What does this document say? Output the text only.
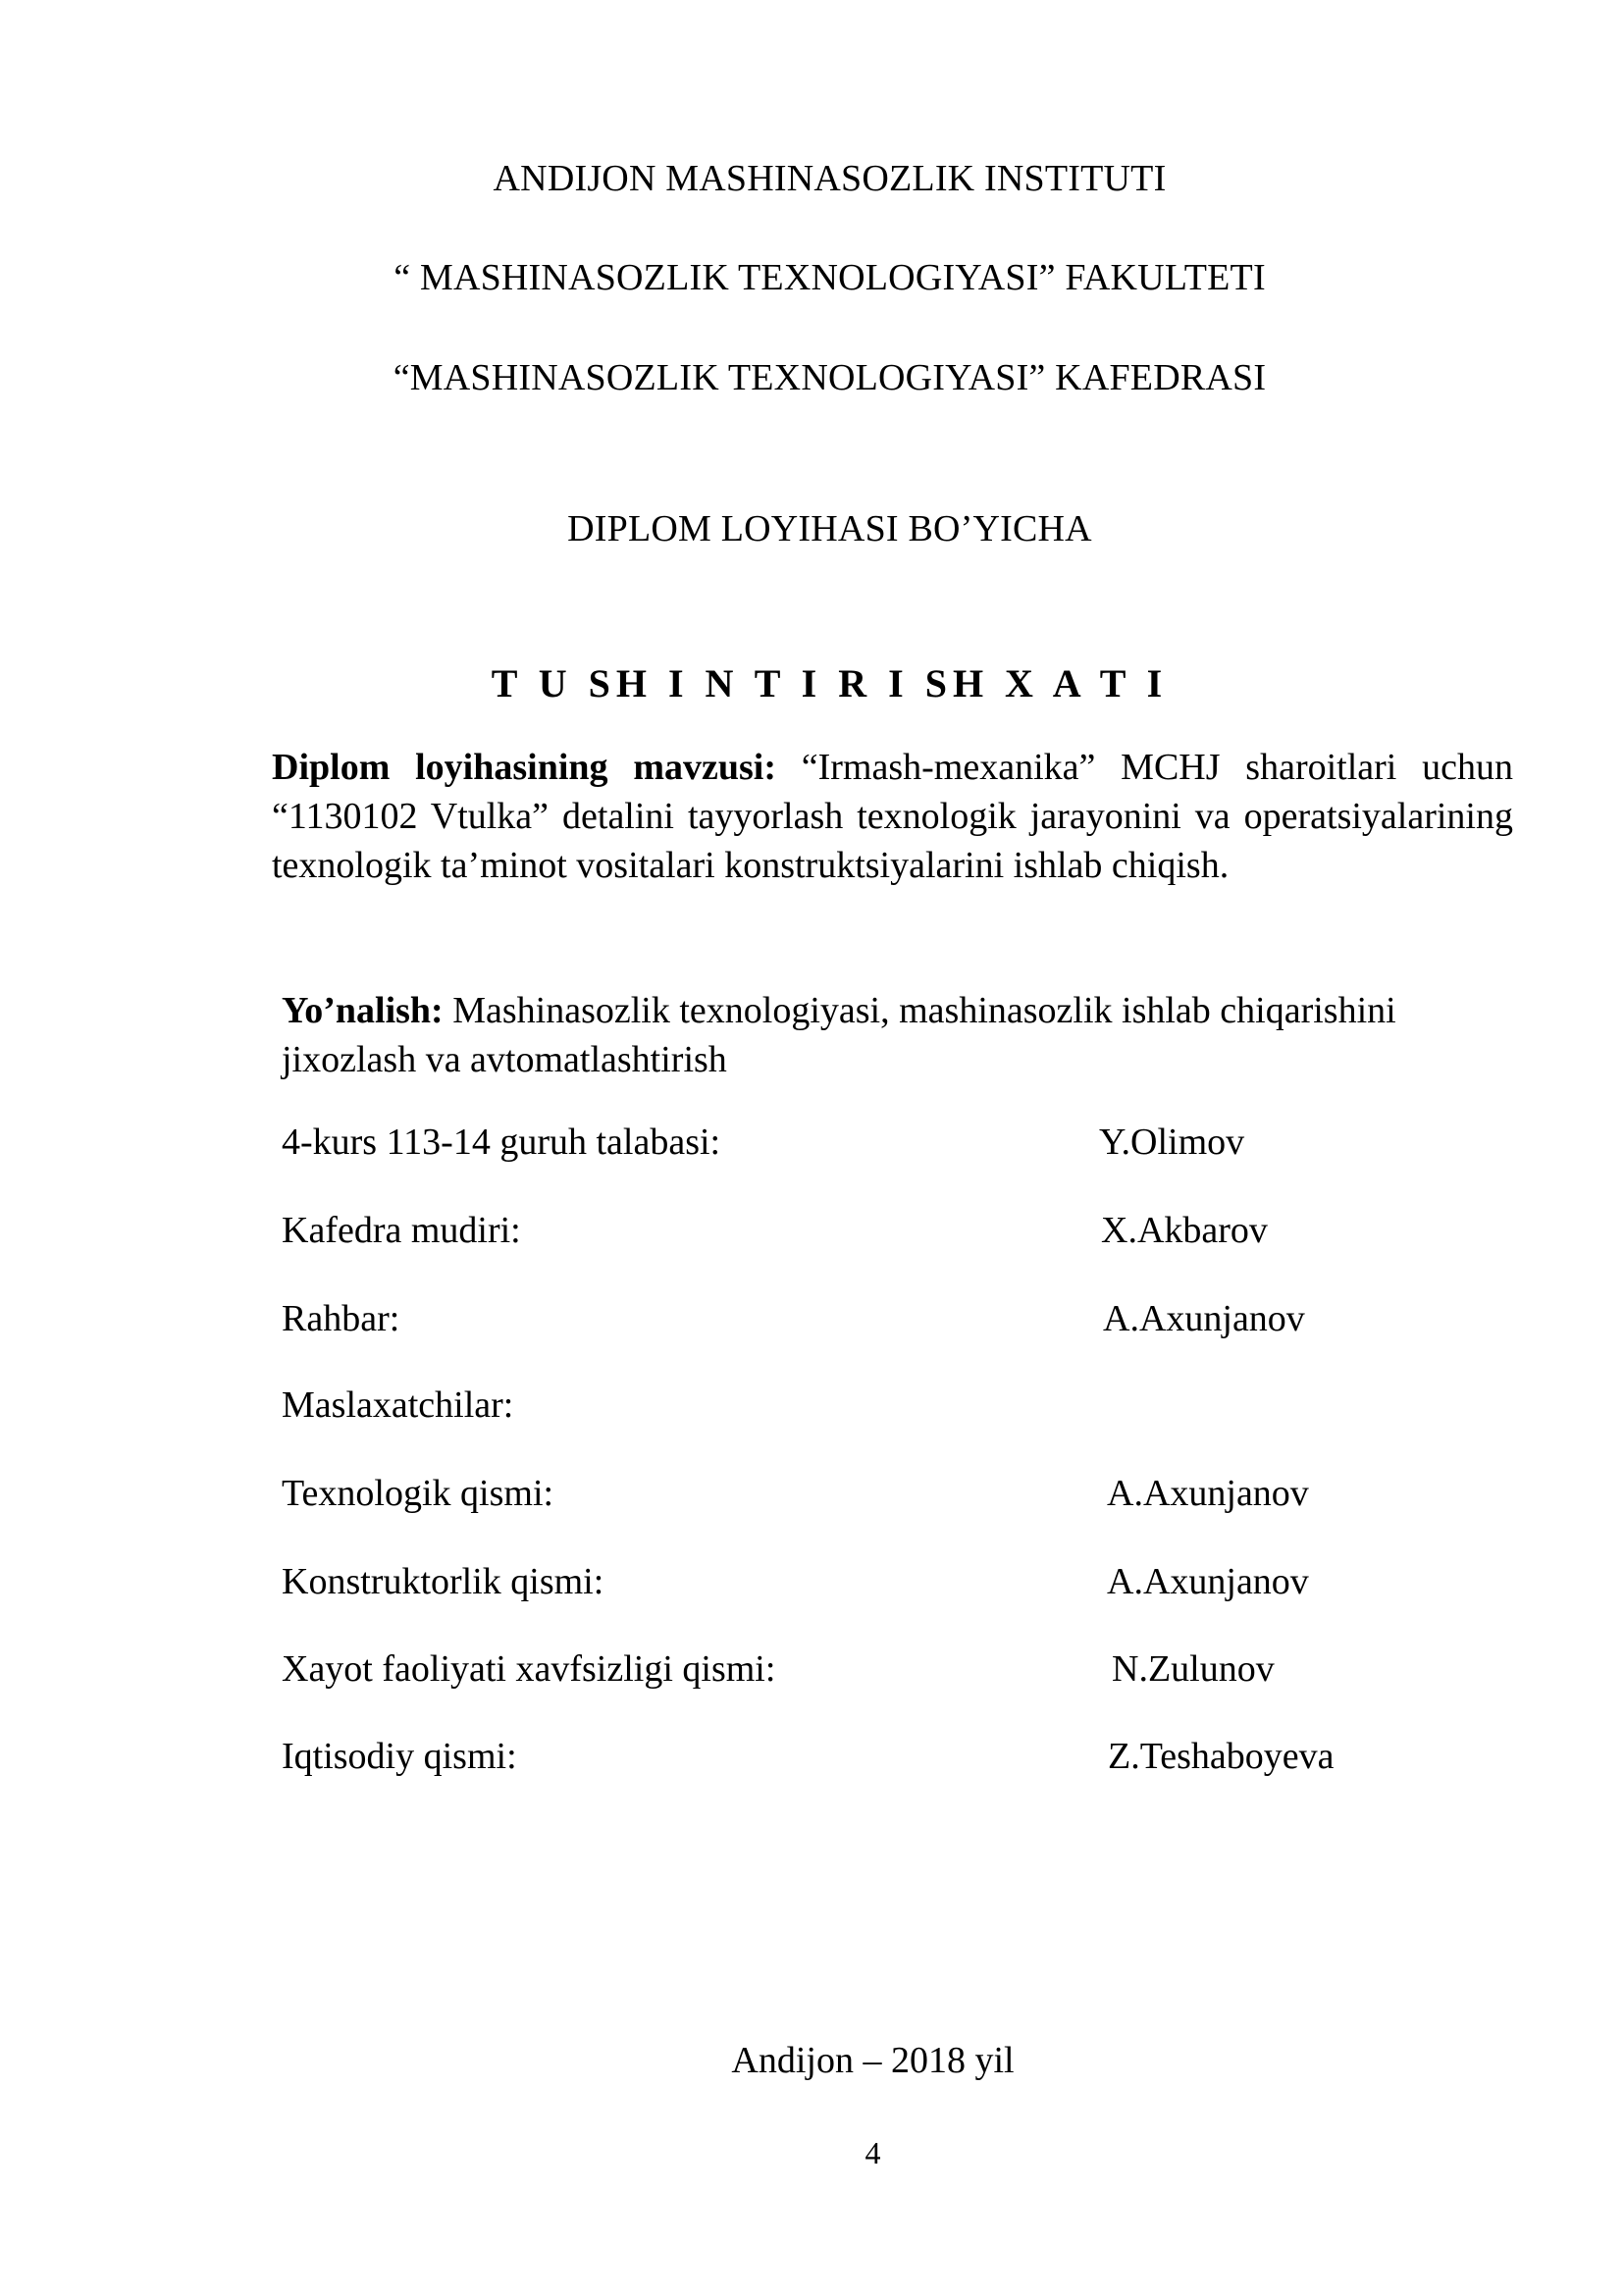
ANDIJON MASHINASOZLIK INSTITUTI
“ MASHINASOZLIK TEXNOLOGIYASI” FAKULTETI
“MASHINASOZLIK TEXNOLOGIYASI” KAFEDRASI
DIPLOM LOYIHASI BO’YICHA
T U SH I N T I R I SH X A T I
Diplom loyihasining mavzusi: “Irmash-mexanika” MCHJ sharoitlari uchun “1130102 Vtulka” detalini tayyorlash texnologik jarayonini va operatsiyalarining texnologik ta’minot vositalari konstruktsiyalarini ishlab chiqish.
Yo’nalish: Mashinasozlik texnologiyasi, mashinasozlik ishlab chiqarishini jixozlash va avtomatlashtirish
4-kurs 113-14 guruh talabasi:	Y.Olimov
Kafedra mudiri:	X.Akbarov
Rahbar:	A.Axunjanov
Maslaxatchilar:
Texnologik qismi:	A.Axunjanov
Konstruktorlik qismi:	A.Axunjanov
Xayot faoliyati xavfsizligi qismi:	N.Zulunov
Iqtisodiy qismi:	Z.Teshaboyeva
Andijon – 2018 yil
4
